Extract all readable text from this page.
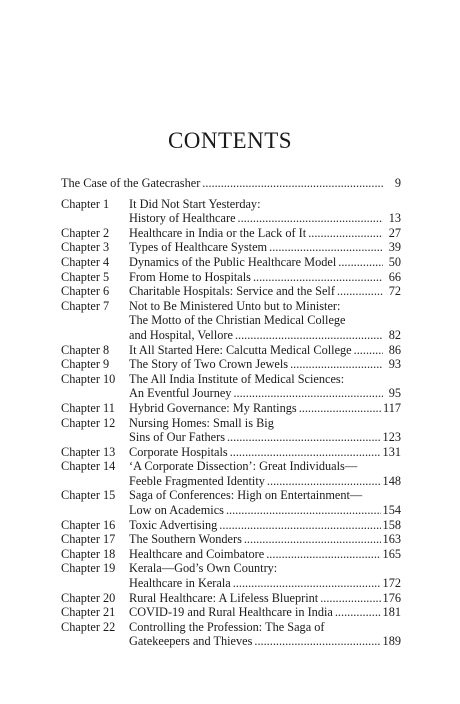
CONTENTS
The Case of the Gatecrasher .....	9
Chapter 1	It Did Not Start Yesterday:
History of Healthcare .....	13
Chapter 2	Healthcare in India or the Lack of It .....	27
Chapter 3	Types of Healthcare System .....	39
Chapter 4	Dynamics of the Public Healthcare Model .....	50
Chapter 5	From Home to Hospitals .....	66
Chapter 6	Charitable Hospitals: Service and the Self .....	72
Chapter 7	Not to Be Ministered Unto but to Minister:
The Motto of the Christian Medical College
and Hospital, Vellore .....	82
Chapter 8	It All Started Here: Calcutta Medical College .....	86
Chapter 9	The Story of Two Crown Jewels .....	93
Chapter 10	The All India Institute of Medical Sciences:
An Eventful Journey .....	95
Chapter 11	Hybrid Governance: My Rantings .....	117
Chapter 12	Nursing Homes: Small is Big
Sins of Our Fathers .....	123
Chapter 13	Corporate Hospitals .....	131
Chapter 14	‘A Corporate Dissection’: Great Individuals—
Feeble Fragmented Identity .....	148
Chapter 15	Saga of Conferences: High on Entertainment—
Low on Academics .....	154
Chapter 16	Toxic Advertising .....	158
Chapter 17	The Southern Wonders .....	163
Chapter 18	Healthcare and Coimbatore .....	165
Chapter 19	Kerala—God’s Own Country:
Healthcare in Kerala .....	172
Chapter 20	Rural Healthcare: A Lifeless Blueprint .....	176
Chapter 21	COVID-19 and Rural Healthcare in India .....	181
Chapter 22	Controlling the Profession: The Saga of
Gatekeepers and Thieves .....	189
